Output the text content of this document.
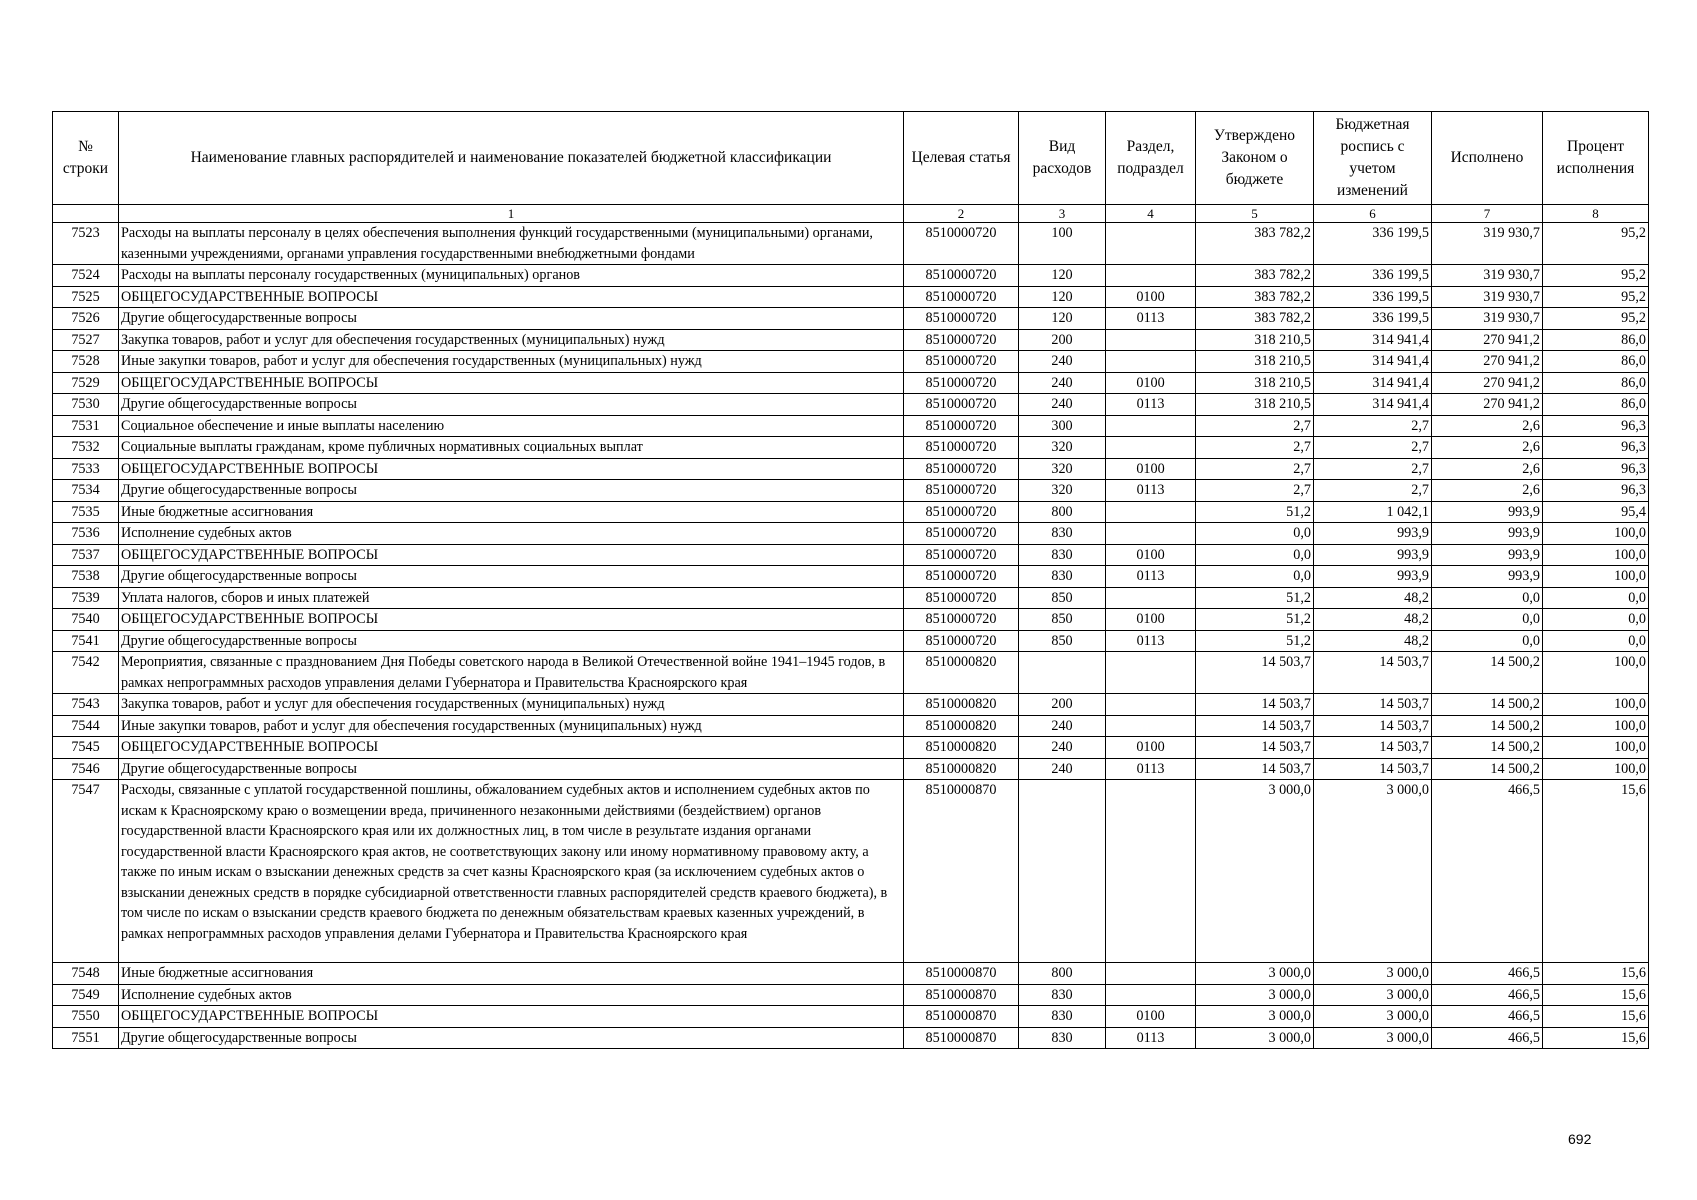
№ строки	Наименование главных распорядителей и наименование показателей бюджетной классификации	Целевая статья	Вид расходов	Раздел, подраздел	Утверждено Законом о бюджете	Бюджетная роспись с учетом изменений	Исполнено	Процент исполнения
	1	2	3	4	5	6	7	8
7523	Расходы на выплаты персоналу в целях обеспечения выполнения функций государственными (муниципальными) органами, казенными учреждениями, органами управления государственными внебюджетными фондами	8510000720	100		383 782,2	336 199,5	319 930,7	95,2
7524	Расходы на выплаты персоналу государственных (муниципальных) органов	8510000720	120		383 782,2	336 199,5	319 930,7	95,2
7525	ОБЩЕГОСУДАРСТВЕННЫЕ ВОПРОСЫ	8510000720	120	0100	383 782,2	336 199,5	319 930,7	95,2
7526	Другие общегосударственные вопросы	8510000720	120	0113	383 782,2	336 199,5	319 930,7	95,2
7527	Закупка товаров, работ и услуг для обеспечения государственных (муниципальных) нужд	8510000720	200		318 210,5	314 941,4	270 941,2	86,0
7528	Иные закупки товаров, работ и услуг для обеспечения государственных (муниципальных) нужд	8510000720	240		318 210,5	314 941,4	270 941,2	86,0
7529	ОБЩЕГОСУДАРСТВЕННЫЕ ВОПРОСЫ	8510000720	240	0100	318 210,5	314 941,4	270 941,2	86,0
7530	Другие общегосударственные вопросы	8510000720	240	0113	318 210,5	314 941,4	270 941,2	86,0
7531	Социальное обеспечение и иные выплаты населению	8510000720	300		2,7	2,7	2,6	96,3
7532	Социальные выплаты гражданам, кроме публичных нормативных социальных выплат	8510000720	320		2,7	2,7	2,6	96,3
7533	ОБЩЕГОСУДАРСТВЕННЫЕ ВОПРОСЫ	8510000720	320	0100	2,7	2,7	2,6	96,3
7534	Другие общегосударственные вопросы	8510000720	320	0113	2,7	2,7	2,6	96,3
7535	Иные бюджетные ассигнования	8510000720	800		51,2	1 042,1	993,9	95,4
7536	Исполнение судебных актов	8510000720	830		0,0	993,9	993,9	100,0
7537	ОБЩЕГОСУДАРСТВЕННЫЕ ВОПРОСЫ	8510000720	830	0100	0,0	993,9	993,9	100,0
7538	Другие общегосударственные вопросы	8510000720	830	0113	0,0	993,9	993,9	100,0
7539	Уплата налогов, сборов и иных платежей	8510000720	850		51,2	48,2	0,0	0,0
7540	ОБЩЕГОСУДАРСТВЕННЫЕ ВОПРОСЫ	8510000720	850	0100	51,2	48,2	0,0	0,0
7541	Другие общегосударственные вопросы	8510000720	850	0113	51,2	48,2	0,0	0,0
7542	Мероприятия, связанные с празднованием Дня Победы советского народа в Великой Отечественной войне 1941–1945 годов, в рамках непрограммных расходов управления делами Губернатора и Правительства Красноярского края	8510000820			14 503,7	14 503,7	14 500,2	100,0
7543	Закупка товаров, работ и услуг для обеспечения государственных (муниципальных) нужд	8510000820	200		14 503,7	14 503,7	14 500,2	100,0
7544	Иные закупки товаров, работ и услуг для обеспечения государственных (муниципальных) нужд	8510000820	240		14 503,7	14 503,7	14 500,2	100,0
7545	ОБЩЕГОСУДАРСТВЕННЫЕ ВОПРОСЫ	8510000820	240	0100	14 503,7	14 503,7	14 500,2	100,0
7546	Другие общегосударственные вопросы	8510000820	240	0113	14 503,7	14 503,7	14 500,2	100,0
7547	Расходы, связанные с уплатой государственной пошлины, обжалованием судебных актов и исполнением судебных актов по искам к Красноярскому краю о возмещении вреда, причиненного незаконными действиями (бездействием) органов государственной власти Красноярского края или их должностных лиц, в том числе в результате издания органами государственной власти Красноярского края актов, не соответствующих закону или иному нормативному правовому акту, а также по иным искам о взыскании денежных средств за счет казны Красноярского края (за исключением судебных актов о взыскании денежных средств в порядке субсидиарной ответственности главных распорядителей средств краевого бюджета), в том числе по искам о взыскании средств краевого бюджета по денежным обязательствам краевых казенных учреждений, в рамках непрограммных расходов управления делами Губернатора и Правительства Красноярского края	8510000870			3 000,0	3 000,0	466,5	15,6
7548	Иные бюджетные ассигнования	8510000870	800		3 000,0	3 000,0	466,5	15,6
7549	Исполнение судебных актов	8510000870	830		3 000,0	3 000,0	466,5	15,6
7550	ОБЩЕГОСУДАРСТВЕННЫЕ ВОПРОСЫ	8510000870	830	0100	3 000,0	3 000,0	466,5	15,6
7551	Другие общегосударственные вопросы	8510000870	830	0113	3 000,0	3 000,0	466,5	15,6
692
